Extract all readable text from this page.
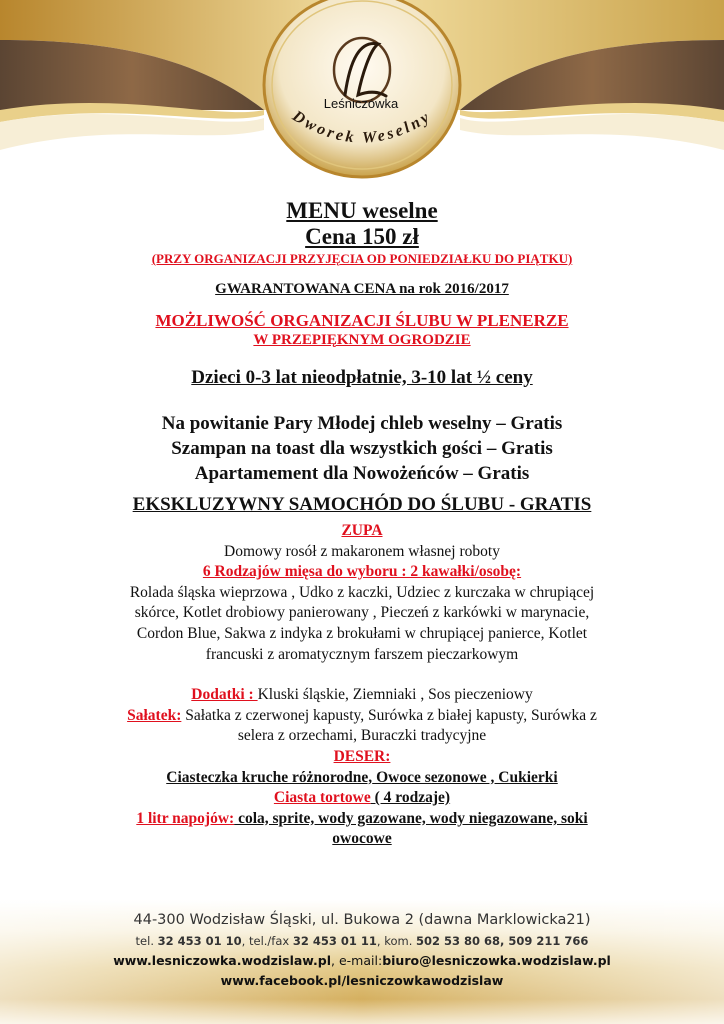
Leśniczówka
Dworek Weselny
MENU weselne
Cena 150 zł
(PRZY ORGANIZACJI PRZYJĘCIA OD PONIEDZIAŁKU DO PIĄTKU)
GWARANTOWANA CENA na rok 2016/2017
MOŻLIWOŚĆ ORGANIZACJI ŚLUBU W PLENERZE
W PRZEPIĘKNYM OGRODZIE
Dzieci 0-3 lat nieodpłatnie, 3-10 lat ½ ceny
Na powitanie Pary Młodej chleb weselny – Gratis
Szampan na toast dla wszystkich gości – Gratis
Apartamement dla Nowożeńców – Gratis
EKSKLUZYWNY SAMOCHÓD DO ŚLUBU - GRATIS
ZUPA
Domowy rosół z makaronem własnej roboty
6 Rodzajów mięsa do wyboru : 2 kawałki/osobę:
Rolada śląska wieprzowa , Udko z kaczki, Udziec z kurczaka w chrupiącej
skórce, Kotlet drobiowy panierowany , Pieczeń z karkówki w marynacie,
Cordon Blue, Sakwa z indyka z brokułami w chrupiącej panierce, Kotlet
francuski z aromatycznym farszem pieczarkowym
Dodatki : Kluski śląskie, Ziemniaki , Sos pieczeniowy
Sałatek: Sałatka z czerwonej kapusty, Surówka z białej kapusty, Surówka z
selera z orzechami, Buraczki tradycyjne
DESER:
Ciasteczka kruche różnorodne, Owoce sezonowe , Cukierki
Ciasta tortowe ( 4 rodzaje)
1 litr napojów: cola, sprite, wody gazowane, wody niegazowane, soki
owocowe
44-300 Wodzisław Śląski, ul. Bukowa 2 (dawna Marklowicka21)
tel. 32 453 01 10, tel./fax 32 453 01 11, kom. 502 53 80 68, 509 211 766
www.lesniczowka.wodzislaw.pl, e-mail:biuro@lesniczowka.wodzislaw.pl
www.facebook.pl/lesniczowkawodzislaw
